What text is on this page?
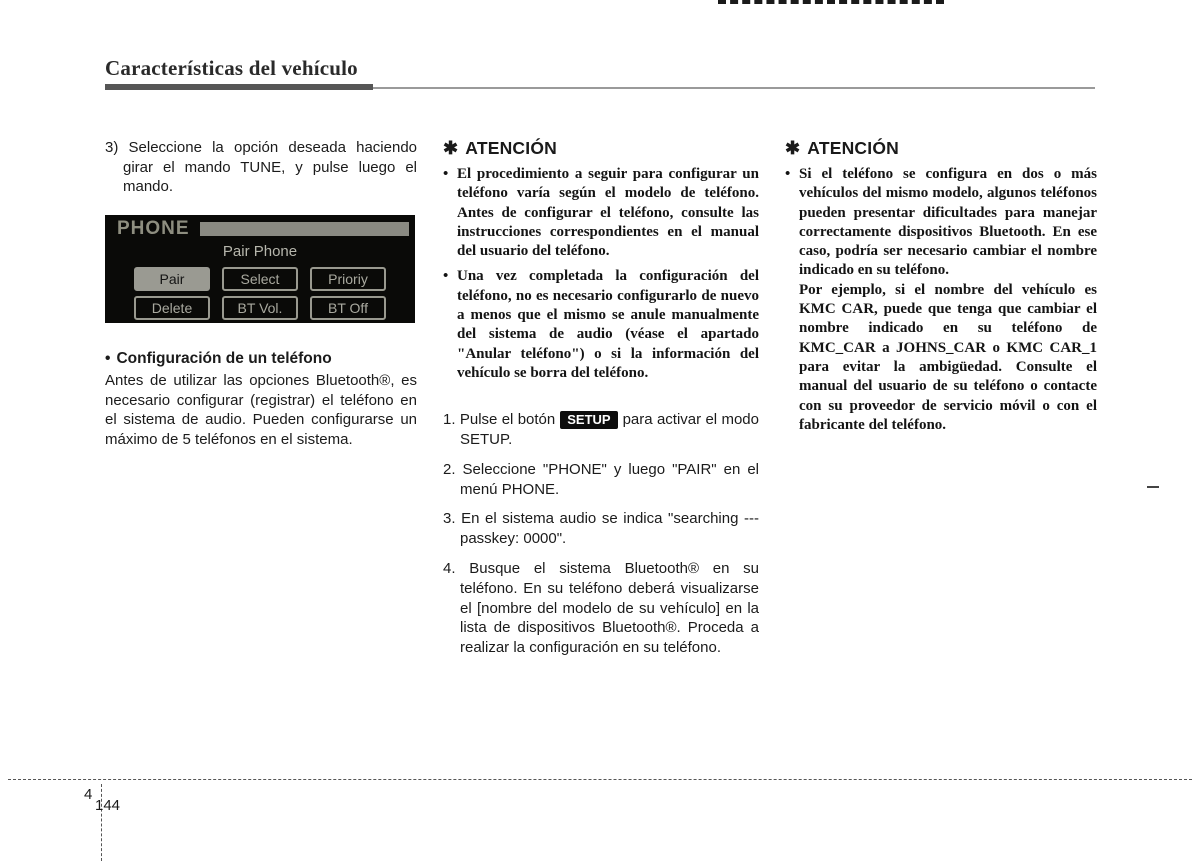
Características del vehículo

3) Seleccione la opción deseada haciendo girar el mando TUNE, y pulse luego el mando.

PHONE
Pair Phone
Pair	Select	Prioriy
Delete	BT Vol.	BT Off

• Configuración de un teléfono

Antes de utilizar las opciones Bluetooth®, es necesario configurar (registrar) el teléfono en el sistema de audio. Pueden configurarse un máximo de 5 teléfonos en el sistema.

✱ ATENCIÓN

• El procedimiento a seguir para configurar un teléfono varía según el modelo de teléfono. Antes de configurar el teléfono, consulte las instrucciones correspondientes en el manual del usuario del teléfono.

• Una vez completada la configuración del teléfono, no es necesario configurarlo de nuevo a menos que el mismo se anule manualmente del sistema de audio (véase el apartado "Anular teléfono") o si la información del vehículo se borra del teléfono.

1. Pulse el botón SETUP para activar el modo SETUP.

2. Seleccione "PHONE" y luego "PAIR" en el menú PHONE.

3. En el sistema audio se indica "searching --- passkey: 0000".

4. Busque el sistema Bluetooth® en su teléfono. En su teléfono deberá visualizarse el [nombre del modelo de su vehículo] en la lista de dispositivos Bluetooth®. Proceda a realizar la configuración en su teléfono.

✱ ATENCIÓN

• Si el teléfono se configura en dos o más vehículos del mismo modelo, algunos teléfonos pueden presentar dificultades para manejar correctamente dispositivos Bluetooth. En ese caso, podría ser necesario cambiar el nombre indicado en su teléfono.

Por ejemplo, si el nombre del vehículo es KMC CAR, puede que tenga que cambiar el nombre indicado en su teléfono de KMC_CAR a JOHNS_CAR o KMC CAR_1 para evitar la ambigüedad. Consulte el manual del usuario de su teléfono o contacte con su proveedor de servicio móvil o con el fabricante del teléfono.

4
144
